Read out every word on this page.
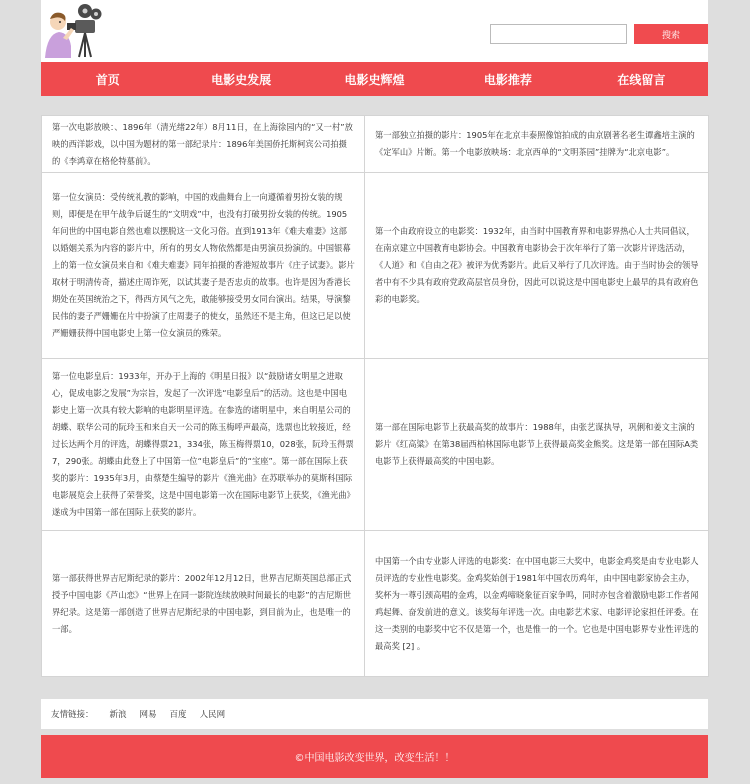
搜索
首页	电影史发展	电影史辉煌	电影推荐	在线留言
第一次电影放映：、1896年（清光绪22年）8月11日，在上海徐园内的“又一村”放映的西洋影戏，以中国为题材的第一部纪录片：1896年美国侨托斯柯宾公司拍摄的《李鸿章在格伦特墓前》。	第一部独立拍摄的影片：1905年在北京丰泰照像馆拍成的由京剧著名老生谭鑫培主演的《定军山》片断。第一个电影放映场：北京西单的“文明茶园”挂牌为“北京电影”。
第一位女演员：受传统礼教的影响，中国的戏曲舞台上一向遵循着男扮女装的规则，即便是在甲午战争后诞生的“文明戏”中，也没有打破男扮女装的传统。1905年问世的中国电影自然也难以摆脱这一文化习俗。直到1913年《难夫难妻》这部以婚姻关系为内容的影片中，所有的男女人物依然都是由男演员扮演的。中国银幕上的第一位女演员来自和《难夫难妻》同年拍摄的香港短故事片《庄子试妻》。影片取材于明清传奇，描述庄周诈死，以试其妻子是否忠贞的故事。也许是因为香港长期处在英国统治之下，得西方风气之先，敢能够接受男女同台演出。结果，导演黎民伟的妻子严姗姗在片中扮演了庄周妻子的使女，虽然还不是主角，但这已足以使严姗姗获得中国电影史上第一位女演员的殊荣。	第一个由政府设立的电影奖：1932年，由当时中国教育界和电影界热心人士共同倡议，在南京建立中国教育电影协会。中国教育电影协会于次年举行了第一次影片评选活动，《人道》和《自由之花》被评为优秀影片。此后又举行了几次评选。由于当时协会的领导者中有不少具有政府党政高层官员身份，因此可以说这是中国电影史上最早的具有政府色彩的电影奖。
第一位电影皇后：1933年，开办于上海的《明星日报》以“鼓励诸女明星之进取心，促成电影之发展”为宗旨，发起了一次评选“电影皇后”的活动。这也是中国电影史上第一次具有较大影响的电影明星评选。在参选的诸明星中，来自明星公司的胡蝶、联华公司的阮玲玉和来自天一公司的陈玉梅呼声最高，选票也比较接近，经过长达两个月的评选，胡蝶得票21，334张，陈玉梅得票10，028张，阮玲玉得票7，290张。胡蝶由此登上了中国第一位“电影皇后”的“宝座”。第一部在国际上获奖的影片：1935年3月，由蔡楚生编导的影片《渔光曲》在苏联举办的莫斯科国际电影展览会上获得了荣誉奖，这是中国电影第一次在国际电影节上获奖，《渔光曲》遂成为中国第一部在国际上获奖的影片。	第一部在国际电影节上获最高奖的故事片：1988年，由张艺谋执导，巩俐和姜文主演的影片《红高粱》在第38届西柏林国际电影节上获得最高奖金熊奖。这是第一部在国际A类电影节上获得最高奖的中国电影。
第一部获得世界吉尼斯纪录的影片：2002年12月12日，世界吉尼斯英国总部正式授予中国电影《芦山恋》“世界上在同一影院连续放映时间最长的电影”的吉尼斯世界纪录。这是第一部创造了世界吉尼斯纪录的中国电影，到目前为止，也是唯一的一部。	中国第一个由专业影人评选的电影奖：在中国电影三大奖中，电影金鸡奖是由专业电影人员评选的专业性电影奖。金鸡奖始创于1981年中国农历鸡年，由中国电影家协会主办，奖杯为一尊引颈高唱的金鸡，以金鸡啼晓象征百家争鸣，同时亦包含着激励电影工作者闻鸡起舞、奋发前进的意义。该奖每年评选一次。由电影艺术家、电影评论家担任评委。在这一类别的电影奖中它不仅是第一个，也是惟一的一个。它也是中国电影界专业性评选的最高奖 [2] 。
友情链接： 新浪 网易 百度 人民网
©中国电影改变世界，改变生活！！
